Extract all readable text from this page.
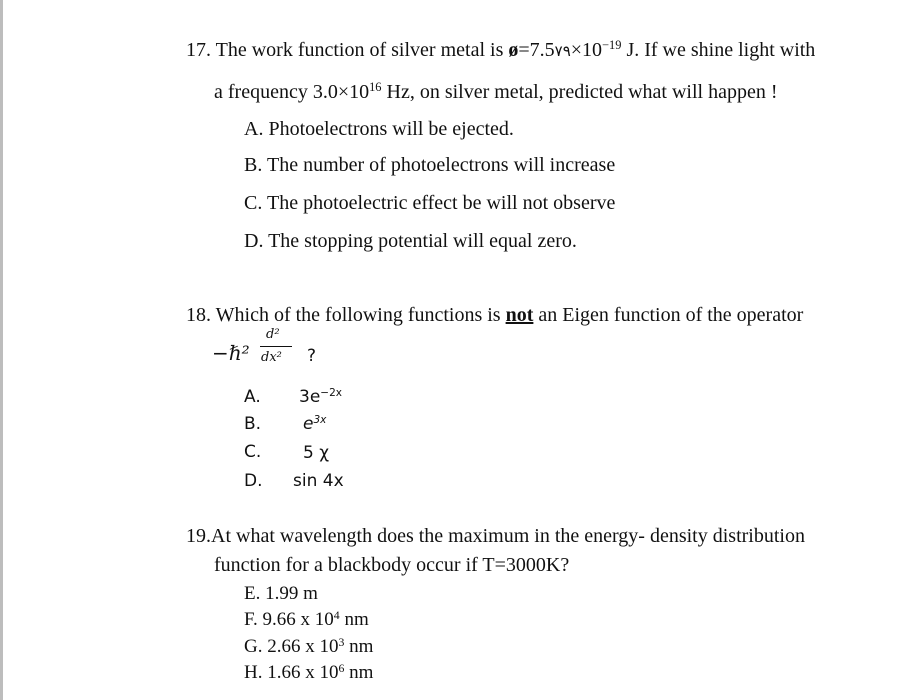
17. The work function of silver metal is $ø=7.5٧٩\times 10^{-19}$ J. If we shine light with
a frequency $3.0\times 10^{16}$ Hz, on silver metal, predicted what will happen !
A. Photoelectrons will be ejected.
B. The number of photoelectrons will increase
C. The photoelectric effect be will not observe
D. The stopping potential will equal zero.
18. Which of the following functions is not an Eigen function of the operator
−ℏ²
d²
dx² ?
A. $3e^{-2x}$
B. $e^{3x}$
C. 5 χ
D. sin 4x
19.At what wavelength does the maximum in the energy- density distribution
function for a blackbody occur if T=3000K?
E. 1.99 m
F. 9.66 x $10^4$ nm
G. 2.66 x $10^3$ nm
H. 1.66 x $10^6$ nm
